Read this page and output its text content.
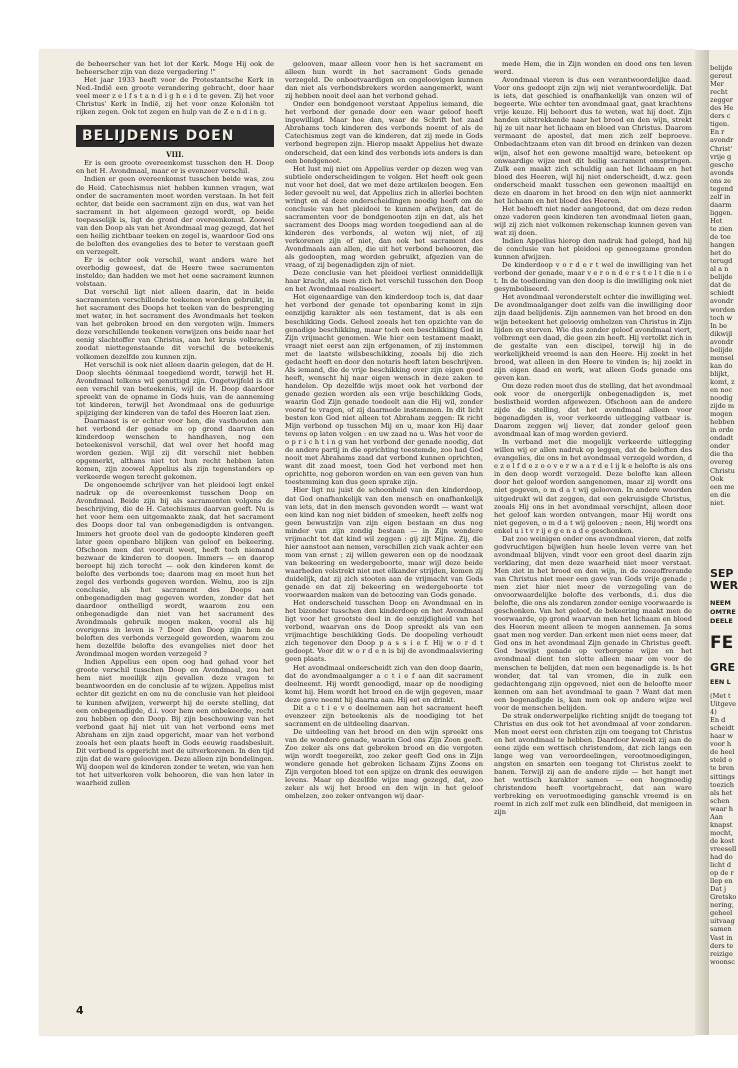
de beheerscher van het lot der Kerk. Moge Hij ook de beheerscher zijn van deze vergadering !"

Het jaar 1933 heeft voor de Protestantsche Kerk in Ned.-Indië een groote verandering gebracht, door haar veel meer z e l f s t a n d i g h e i d te geven. Zij het voor Christus' Kerk in Indië, zij het voor onze Koloniën tot rijken zegen. Ook tot zegen en hulp van de Z e n d i n g.

BELIJDENIS DOEN

VIII.

Er is een groote overeenkomst tusschen den H. Doop en het H. Avondmaal, maar er is evenzeer verschil.

Indien er geen overeenkomst tusschen beide was, zou de Heid. Catechismus niet hebben kunnen vragen, wat onder de sacramenten moet worden verstaan. In het feit echter, dat beide een sacrament zijn en dus, wat van het sacrament in het algemeen gezegd wordt, op beide toepasselijk is, ligt de grond der overeenkomst. Zoowel van den Doop als van het Avondmaal mag gezegd, dat het een heilig zichtbaar teeken en zegel is, waardoor God ons de beloften des evangelies des te beter te verstaan geeft en verzegelt.

Er is echter ook verschil, want anders ware het overbodig geweest, dat de Heere twee sacramenten insteldo; dan hadden we met het eene sacrament kunnen volstaan.

Dat verschil ligt niet alleen daarin, dat in beide sacramenten verschillende teekenen worden gebruikt, in het sacrament des Doops het teeken van de besprenging met water, in het sacrament des Avondmaals het teeken van het gebroken brood en den vergoten wijn. Immers deze verschillende teekenen verwijzen ons beide naar het eenig slachtoffer van Christus, aan het kruis volbracht, zoodat niettegenstaande dit verschil de beteekenis volkomen dezelfde zou kunnen zijn.

Het verschil is ook niet alleen daarin gelegen, dat de H. Doop slechts éénmaal toegediend wordt, terwijl het H. Avondmaal telkens wil genuttigd zijn. Ongetwijfeld is dit een verschil van beteekenis, wijl de H. Doop daardoor spreekt van de opname in Gods huis, van de aanneming tot kinderen, terwijl het Avondmaal ons de geduurige spijziging der kinderen van de tafel des Heeren laat zien.

Daarnaast is er echter voor hen, die vasthouden aan het verbond der genade en op grond daarvan den kinderdoop wenschen te handhaven, nog een beteekenisvol verschil, dat wel over het hoofd mag worden gezien. Wijl zij dit verschil niet hebben opgemerkt, althans niet tot hun recht hebben laten komen, zijn zoowel Appelius als zijn tegenstanders op verkeerde wegen terecht gekomen.

De ongenoemde schrijver van het pleidooi legt enkel nadruk op de overeenkomst tusschen Doop en Avondmaal. Beide zijn bij als sacramenten volgens de beschrijving, die de H. Catechismus daarvan geeft. Nu is het voor hem een uitgemaakte zaak, dat het sacrament des Doops door tal van onbegenadigden is ontvangen. Immers het groote deel van de gedoopte kinderen geeft later geen openbare blijken van geloof en bekeering. Ofschoon men dat vooruit weet, heeft toch niemand bezwaar de kinderen te doopen. Immers — en daarop beroept hij zich terecht — ook den kinderen komt de belofte des verbonds toe; daarom mag en moet hun het zegel des verbonds gegeven worden. Welnu, zoo is zijn conclusie, als het sacrament des Doops aan onbegenadigden mag gegeven worden, zonder dat het daardoor onthelligd wordt, waarom zou een onbegenadigde dan niet van het sacrament des Avondmaals gebruik mogen maken, vooral als hij overigens in leven is ? Door den Doop zijn hem de beloften des verbonds verzegeld geworden, waarom zou hem dezelfde belofte des evangelies niet door het Avondmaal mogen worden verzegeld ?

Indien Appelius een open oog had gehad voor het groote verschil tusschen Doop en Avondmaal, zou het hem niet moeilijk zijn gevallen deze vragen te beantwoorden en de conclusie af te wijzen. Appelius mist echter dit gezicht en om nu de conclusie van het pleidooi te kunnen afwijzen, verwerpt hij de eerste stelling, dat een onbegenadigde, d.i. voor hem een onbekeerde, recht zou hebben op den Doop. Bij zijn beschouwing van het verbond gaat hij niet uit van het verbond eens met Abraham en zijn zaad opgericht, maar van het verbond zooals het een plaats heeft in Gods eeuwig raadsbesluit. Dit verbond is opgericht met de uitverkorenen. In den tijd zijn dat de ware geloovigen. Deze alleen zijn bondelingen. Wij doopen wel de kinderen zonder te weten, wie van hen tot het uitverkoren volk behooren, die van hen later in waarheid zullen

gelooven, maar alleen voor hen is het sacrament en alleen hun wordt in het sacrament Gods genade verzegeld. De onboetvaardigen en ongeloovigen kunnen dan niet als verbondsbrekers worden aangemerkt, want zij hebben nooit deel aan het verbond gehad.

Onder een bondgenoot verstaat Appelius iemand, die het verbond der genade door een waar geloof heeft ingewilligd. Maar hoe dan, waar de Schrift het zaad Abrahams toch kinderen des verbonds noemt of als de Catechismus zegt van de kinderen, dat zij mede in Gods verbond begrepen zijn. Hierop maakt Appelius het dwaze onderscheid, dat een kind des verbonds iets anders is dan een bondgenoot.

Het lust mij niet om Appelius verder op dezen weg van subtiele onderscheidingen te volgen. Het heeft ook geen nut voor het doel, dat we met deze artikelen beogen. Een leder gevoelt nu wel, dat Appelius zich in allerlei bochten wringt en al deze onderscheidingen noodig heeft om de conclusie van het pleidooi te kunnen afwijzen, dat de sacramenten voor de bondgenooten zijn en dat, als het sacrament des Doops mag worden toegediend aan al de kinderen des verbonds, al weten wij niet, of zij verkorenen zijn of niet, dan ook het sacrament des Avondmaals aan allen, die uit het verbond behooren, die als gedoopten, mag worden gebruikt, afgezien van de vraag, of zij begenadigden zijn of niet.

Deze conclusie van het pleidooi verliest onmiddellijk haar kracht, als men zich het verschil tusschen den Doop en het Avondmaal realiseert.

Het eigenaardige van den kinderdoop toch is, dat daar het verbond der genade tot openbaring komt in zijn eenzijdig karakter als een testament, dat is als een beschikking Gods. Geheel zooals het ten opzichte van de genadige beschikking, maar toch een beschikking God in Zijn vrijmacht genomen. Wie hier een testament maakt, vraagt niet eerst aan zijn erfgenamen, of zij instemmen met de laatste wilsbeschikking, zooals bij die zich gedacht heeft en door den notaris heeft laten beschrijven. Als iemand, die de vrije beschikking over zijn eigen goed heeft, wenscht hij naar eigen wensch in deze zaken te handelen. Op dezelfde wijs moet ook het verbond der genade gezien worden als een vrije beschikking Gods, waarin God Zijn genade toedeelt aan die Hij wil, zonder vooraf te vragen, of zij daarmede instemmen. In dit licht besten kon God niet alleen tot Abraham zeggen: Ik richt Mijn verbond op tusschen Mij en u, maar kon Hij daar tevens op laten volgen : en uw zaad na u. Was het voor de o p r i c h t i n g van het verbond der genade noodig, dat de andere partij in die oprichting toestemde, zoo had God nooit met Abrahams zaad dat verbond kunnen oprichten, want dit zaad moest, toen God het verbond met hen oprichtte, nog geboren worden en van een geven van hun toestemming kan dus geen sprake zijn.

Hier ligt nu juist de schoonheid van den kinderdoop, dat God onafhankelijk van den mensch en onafhankelijk van iets, dat in den mensch gevonden wordt — want wat een kind kan nog niet bidden of smeeken, heeft zelfs nog geen bewustzijn van zijn eigen bestaan en dus nog minder van zijn zondig bestaan — in Zijn wondere vrijmacht tot dat kind wil zeggen : gij zijt Mijne. Zij, die hier aanstoot aan nemen, verschillen zich vaak achter een mom van ernst ; zij willen geweren een op de noodzaak van bekeering en wedergeboorte, maar wijl deze beide waarheden volstrekt niet met elkander strijden, komen zij duidelijk, dat zij zich stooten aan de vrijmacht van Gods genade en dat zij bekeering en wedergeboorte tot voorwaarden maken van de betoozing van Gods genade.

Het onderscheid tusschen Doop en Avondmaal en in het bizonder tusschen den kinderdoop en het Avondmaal ligt voor het grootste deel in de eenzijdigheid van het verbond, waarvan ons de Doop spreekt als van een vrijmachtige beschikking Gods. De doopeling verhoudt zich tegenover den Doop p a s s i e f. Hij w o r d t gedoopt. Voor dit w o r d e n is bij de avondmaalsviering geen plaats.

Het avondmaal onderscheidt zich van den doop daarin, dat de avondmaalganger a c t i e f aan dit sacrament deelneemt. Hij wordt genoodigd, maar op de noodiging komt hij. Hem wordt het brood en de wijn gegeven, maar deze gave neemt hij daarna aan. Hij eet en drinkt.

Dit a c t i e v e deelnemen aan het sacrament heeft evenzeer zijn beteekenis als de noodiging tot het sacrament en de uitdeeling daarvan.

De uitdeeling van het brood en den wijn spreekt ons van de wondere genade, waarin God ons Zijn Zoon geeft. Zoo zeker als ons dat gebroken brood en die vergoten wijn wordt toegereikt, zoo zeker geeft God ons in Zijn wondere genade het gebroken lichaam Zijns Zoons en Zijn vergoten bloed tot een spijze en drank des eeuwigen levens. Maar op dezelfde wijze mag gezegd, dat, zoo zeker als wij het brood en den wijn in het geloof omhelzen, zoo zeker ontvangen wij daar-

mede Hem, die in Zijn wonden en dood ons ten leven werd.

Avondmaal vieren is dus een verantwoordelijke daad. Voor ons gedoopt zijn zijn wij niet verantwoordelijk. Dat is iets, dat geschied is onafhankelijk van onzen wil of begeerte. Wie echter ten avondmaal gaat, gaat krachtens vrije keuze. Hij behoort dus te weten, wat hij doet. Zijn handen uitstrekkende naar het brood en den wijn, strekt hij ze uit naar het lichaam en bloed van Christus. Daarom vermaant de apostel, dat men zich zelf beproeve. Onbedachtzaam eten van dit brood en drinken van dezen wijn, alsof het een gewone maaltijd ware, beteekent op onwaardige wijze met dit heilig sacrament omspringen. Zulk een maakt zich schuldig aan het lichaam en het bloed des Heeren, wijl hij niet onderscheidt, d.w.z. geen onderscheid maakt tusschen een gewonen maaltijd en deze en daarom in het brood en den wijn niet aanmerkt het lichaam en het bloed des Heeren.

Het behoeft niet nader aangetoond, dat om deze reden onze vaderen geen kinderen ten avondmaal lieten gaan, wijl zij zich niet volkomen rekenschap kunnen geven van wat zij doen.

Indien Appelius hierop den nadruk had gelegd, had hij de conclusie van het pleidooi op genoegzame gronden kunnen afwijzen.

De kinderdoop v o r d e r t wel de inwilliging van het verbond der genade, maar v e r o n d e r s t e l t die n i e t. In de toediening van den doop is die inwilliging ook niet gesymboliseerd.

Het avondmaal veronderstelt echter die inwilliging wel. De avondmaalganger doet zelfs van die inwilliging door zijn daad belijdenis. Zijn aannemen van het brood en den wijn beteekent het geloovig omhelzen van Christus in Zijn lijden en sterven. Wie dus zonder geloof avondmaal viert, volbrengt een daad, die geen zin heeft. Hij vertolkt zich in de gestalte van een discipel, terwijl hij in de werkelijkheid vreemd is aan den Heere. Hij zoekt in het brood, wat alleen in den Heere te vinden is; hij zoekt in zijn eigen daad en werk, wat alleen Gods genade ons geven kan.

Om deze reden moet dus de stelling, dat het avondmaal ook voor de onergerlijk onbegenadigden is, met beslistheid worden afgewezen. Ofschoon aan de andere zijde de stelling, dat het avondmaal alleen voor begenadigden is, voor verkeerde uitlegging vatbaar is. Daarom zeggen wij liever, dat zonder geloof geen avondmaal kan of mag worden gevierd.

In verband met die mogelijk verkeerde uitlegging willen wij er allen nadruk op leggen, dat de beloften des evangelies, die ons in het avondmaal verzegeld worden, d e z e l f d e z o o v e r w a a r d e l ij k e belofte is als ons in den doop wordt verzegeld. Deze belofte kan alleen door het geloof worden aangenomen, maar zij wordt ons niet gegeven, o m d a t wij gelooven. In andere woorden uitgedrukt wil dat zeggen, dat een gekruisigde Christus, zooals Hij ons in het avondmaal verschijnt, alleen door het geloof kan worden ontvangen, maar Hij wordt ons niet gegeven, o m d a t wij gelooven ; neen, Hij wordt ons enkel u i t v r ij e g e n a d e geschonken.

Dat zoo weinigen onder ons avondmaal vieren, dat zelfs godvruchtigen bijwijlen hun heele leven verre van het avondmaal blijven, vindt voor een groot deel daarin zijn verklaring, dat men deze waarheid niet meer verstaat. Men ziet in het brood en den wijn, in de zoozoffrerande van Christus niet meer een gave van Gods vrije genade ; men ziet hier niet meer de verzegeling van de onvoorwaardelijke belofte des verbonds, d.i. dus die belofte, die ons als zondaren zonder eenige voorwaarde is geschonken. Van het geloof, de bekeering maakt men de voorwaarde, op grond waarvan men het lichaam en bloed des Heeren meent alleen te mogen aannemen. Ja soms gaat men nog verder. Dan erkent men niet eens meer, dat God ons in het avondmaal Zijn genade in Christus geeft. God bewijst genade op verborgene wijze en het avondmaal dient ten slotte alleen maar om voor de menschen te belijden, dat men een begenadigde is. Is het wonder, dat tal van vromen, die in zulk een gedachtengang zijn opgevoed, niet een de beloofte meer kennen om aan het avondmaal te gaan ? Want dat men een begenadigde is, kan men ook op andere wijze wel voor de menschen belijden.

De strak onderwerpelijke richting snijdt de toegang tot Christus en dus ook tot het avondmaal af voor zondaren. Men moet eerst een christen zijn om toegang tot Christus en het avondmaal te hebben. Daardoor kweekt zij aan de eene zijde een wettisch christendom, dat zich langs een lange weg van veroordeelingen, verootmoedigingen, angsten en smarten een toegang tot Christus zoekt te banen. Terwijl zij aan de andere zijde — het hangt met het wettisch karakter samen — een hoogmoedig christendom heeft voortgebracht, dat aan ware verbreking en verootmoediging ganschk vreemd is en roemt in zich zelf met zulk een blindheid, dat menigeen in zijn

4
belijde
gereut
Mer
recht
zegger
des He
ders c
tigen.
En r
avondr
Christ'
vrije g
gescho
avonds
ons ze
tegend
zelf in
daarm
liggen.
Het
te zien
de toe
hangen
het do
terugd
al a n
belijde
dat de
schiedt
avondr
worden
toch w
In be
dikwijl
avondr
belijde
mensel
kan do
blijkt,
komt, z
en noc
noodig
zijde m
mogen
hebben
in orde
ondadt
onder
die tha
overeg
Christu
Ook
een me
en die
niet.
SEP
WER
NEEM
OMTRE
DEELE
FE
GRE
EEN L
(Met t
Uitgeve
4)
En d
scheidt
haar w
voor h
de heel
steld o
te bren
sittings
toezich
als het
schen
waar h
Aan
knapst
mocht,
de kost
vreesell
had do
licht d
op de r
llep en
Dat j
Gretsko
nering,
geheel
uitvaag
samen
Vast in
ders te
reizige
woonsc
